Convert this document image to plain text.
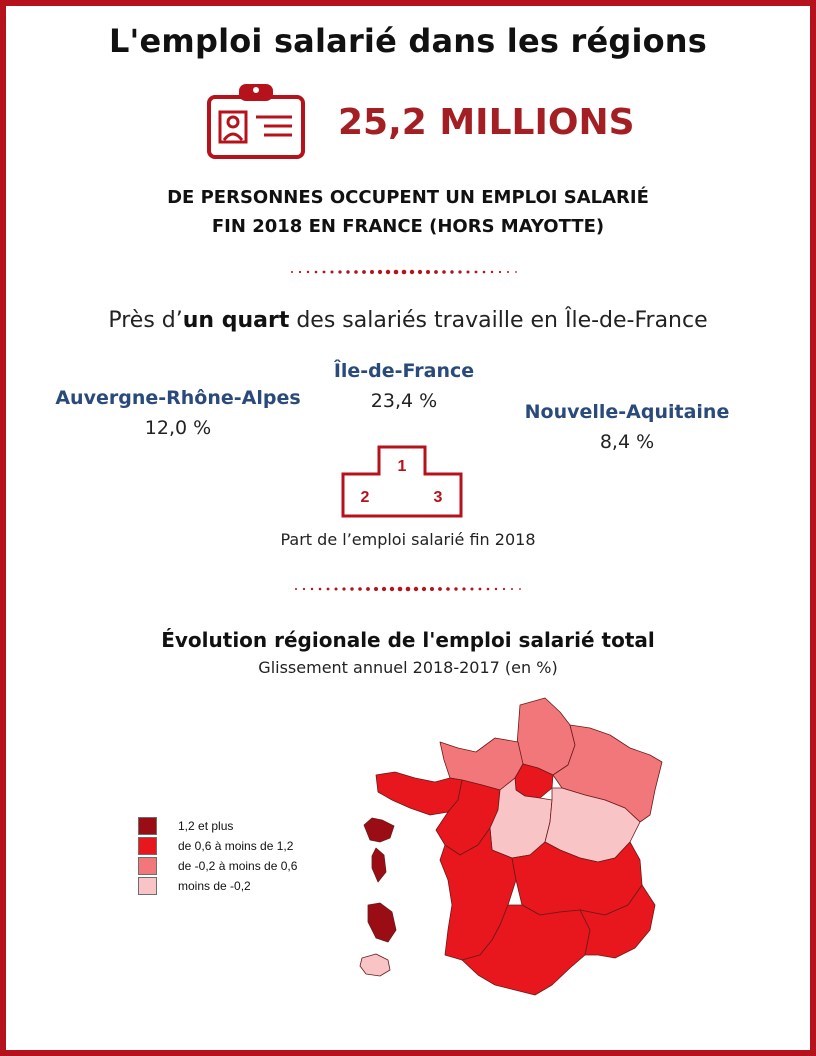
L'emploi salarié dans les régions
25,2 MILLIONS
DE PERSONNES OCCUPENT UN EMPLOI SALARIÉ
FIN 2018 EN FRANCE (HORS MAYOTTE)
Près d’un quart des salariés travaille en Île-de-France
Île-de-France
23,4 %
Auvergne-Rhône-Alpes
12,0 %
Nouvelle-Aquitaine
8,4 %
1
2	3
Part de l’emploi salarié fin 2018
Évolution régionale de l'emploi salarié total
Glissement annuel 2018-2017 (en %)
1,2 et plus
de 0,6 à moins de 1,2
de -0,2 à moins de 0,6
moins de -0,2
